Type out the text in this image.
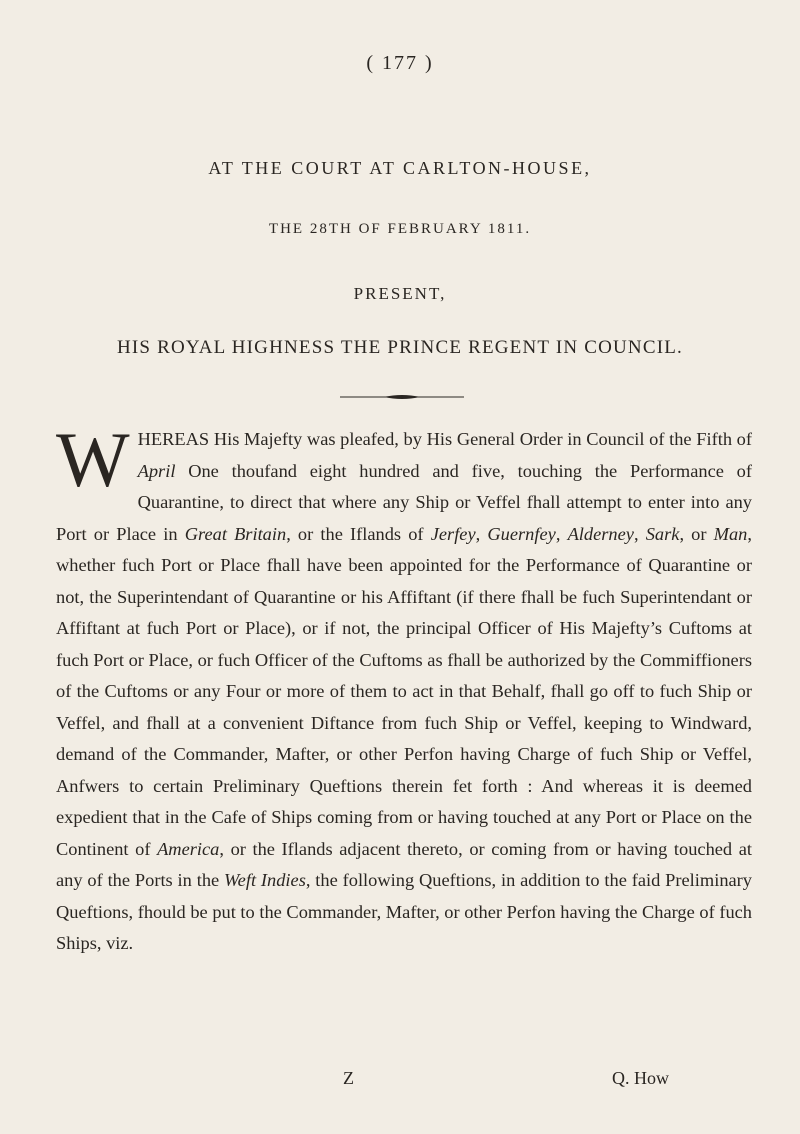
( 177 )
AT THE COURT AT CARLTON-HOUSE,
THE 28TH OF FEBRUARY 1811.
PRESENT,
HIS ROYAL HIGHNESS THE PRINCE REGENT IN COUNCIL.
W HEREAS His Majefty was pleafed, by His General Order in Council of the Fifth of April One thoufand eight hundred and five, touching the Performance of Quarantine, to direct that where any Ship or Veffel fhall attempt to enter into any Port or Place in Great Britain, or the Iflands of Jerfey, Guernfey, Alderney, Sark, or Man, whether fuch Port or Place fhall have been appointed for the Performance of Quarantine or not, the Superintendant of Quarantine or his Affiftant (if there fhall be fuch Superintendant or Affiftant at fuch Port or Place), or if not, the principal Officer of His Majefty’s Cuftoms at fuch Port or Place, or fuch Officer of the Cuftoms as fhall be authorized by the Commiffioners of the Cuftoms or any Four or more of them to act in that Behalf, fhall go off to fuch Ship or Veffel, and fhall at a convenient Diftance from fuch Ship or Veffel, keeping to Windward, demand of the Commander, Mafter, or other Perfon having Charge of fuch Ship or Veffel, Anfwers to certain Preliminary Queftions therein fet forth : And whereas it is deemed expedient that in the Cafe of Ships coming from or having touched at any Port or Place on the Continent of America, or the Iflands adjacent thereto, or coming from or having touched at any of the Ports in the Weft Indies, the following Queftions, in addition to the faid Preliminary Queftions, fhould be put to the Commander, Mafter, or other Perfon having the Charge of fuch Ships, viz.
Z	Q. How
